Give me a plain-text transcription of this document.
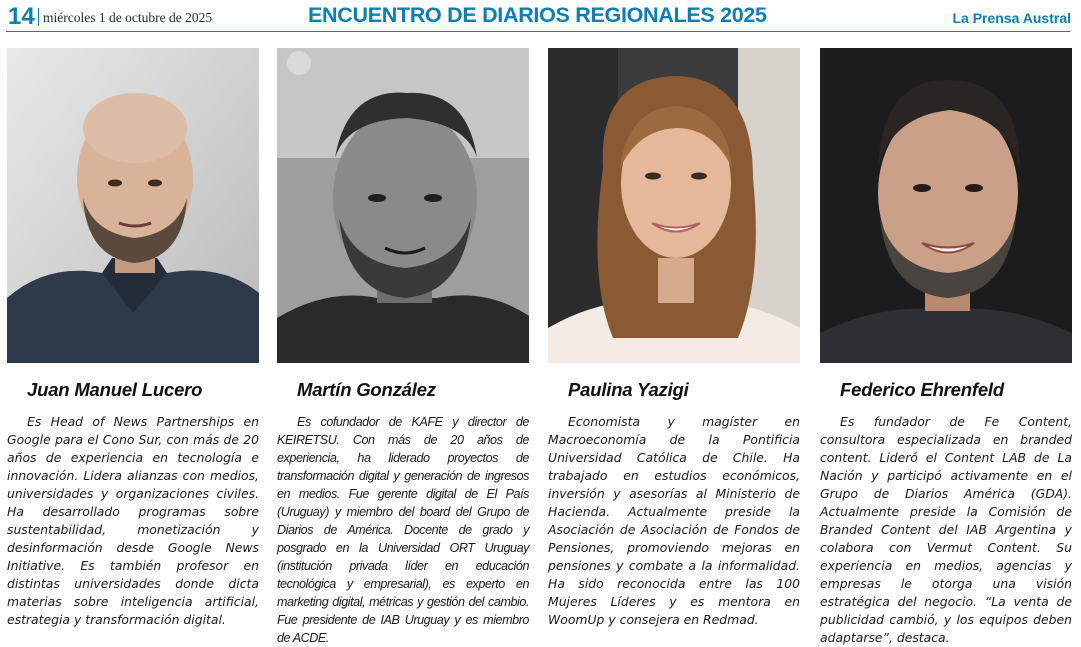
14 miércoles 1 de octubre de 2025	ENCUENTRO DE DIARIOS REGIONALES 2025	La Prensa Austral
Juan Manuel Lucero
Es Head of News Partnerships en Google para el Cono Sur, con más de 20 años de experiencia en tecnología e innovación. Lidera alianzas con medios, universidades y organizaciones civiles. Ha desarrollado programas sobre sustentabilidad, monetización y desinformación desde Google News Initiative. Es también profesor en distintas universidades donde dicta materias sobre inteligencia artificial, estrategia y transformación digital.
Martín González
Es cofundador de KAFE y director de KEIRETSU. Con más de 20 años de experiencia, ha liderado proyectos de transformación digital y generación de ingresos en medios. Fue gerente digital de El País (Uruguay) y miembro del board del Grupo de Diarios de América. Docente de grado y posgrado en la Universidad ORT Uruguay (institución privada líder en educación tecnológica y empresarial), es experto en marketing digital, métricas y gestión del cambio. Fue presidente de IAB Uruguay y es miembro de ACDE.
Paulina Yazigi
Economista y magíster en Macroeconomía de la Pontificia Universidad Católica de Chile. Ha trabajado en estudios económicos, inversión y asesorías al Ministerio de Hacienda. Actualmente preside la Asociación de Asociación de Fondos de Pensiones, promoviendo mejoras en pensiones y combate a la informalidad. Ha sido reconocida entre las 100 Mujeres Líderes y es mentora en WoomUp y consejera en Redmad.
Federico Ehrenfeld
Es fundador de Fe Content, consultora especializada en branded content. Lideró el Content LAB de La Nación y participó activamente en el Grupo de Diarios América (GDA). Actualmente preside la Comisión de Branded Content del IAB Argentina y colabora con Vermut Content. Su experiencia en medios, agencias y empresas le otorga una visión estratégica del negocio. “La venta de publicidad cambió, y los equipos deben adaptarse”, destaca.
